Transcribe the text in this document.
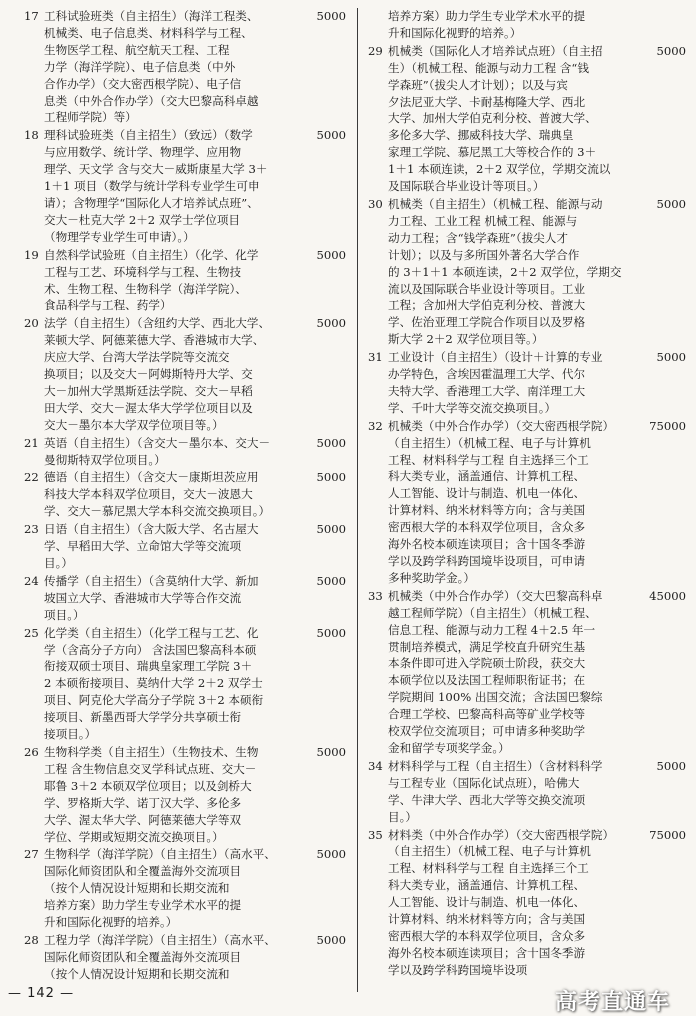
17 工科试验班类（自主招生）（海洋工程类、
机械类、电子信息类、材料科学与工程、
生物医学工程、航空航天工程、工程
力学（海洋学院）、电子信息类（中外
合作办学）（交大密西根学院）、电子信
息类（中外合作办学）（交大巴黎高科卓越
工程师学院）等）
5000
18 理科试验班类（自主招生）（致远）（数学
与应用数学、统计学、物理学、应用物
理学、天文学 含与交大－威斯康星大学 3＋
1＋1 项目（数学与统计学科专业学生可申
请）；含物理学“国际化人才培养试点班”、
交大－杜克大学 2＋2 双学士学位项目
（物理学专业学生可申请）。）
5000
19 自然科学试验班（自主招生）（化学、化学
工程与工艺、环境科学与工程、生物技
术、生物工程、生物科学（海洋学院）、
食品科学与工程、药学）
5000
20 法学（自主招生）（含纽约大学、西北大学、
莱顿大学、阿德莱德大学、香港城市大学、
庆应大学、台湾大学法学院等交流交
换项目；以及交大－阿姆斯特丹大学、交
大－加州大学黑斯廷法学院、交大－早稻
田大学、交大－渥太华大学学位项目以及
交大－墨尔本大学双学位项目等。）
5000
21 英语（自主招生）（含交大－墨尔本、交大－
曼彻斯特双学位项目。）
5000
22 德语（自主招生）（含交大－康斯坦茨应用
科技大学本科双学位项目，交大－波恩大
学、交大－慕尼黑大学本科交流交换项目。）
5000
23 日语（自主招生）（含大阪大学、名古屋大
学、早稻田大学、立命馆大学等交流项
目。）
5000
24 传播学（自主招生）（含莫纳什大学、新加
坡国立大学、香港城市大学等合作交流
项目。）
5000
25 化学类（自主招生）（化学工程与工艺、化
学（含高分子方向） 含法国巴黎高科本硕
衔接双硕士项目、瑞典皇家理工学院 3＋
2 本硕衔接项目、莫纳什大学 2＋2 双学士
项目、阿克伦大学高分子学院 3＋2 本硕衔
接项目、新墨西哥大学学分共享硕士衔
接项目。）
5000
26 生物科学类（自主招生）（生物技术、生物
工程 含生物信息交叉学科试点班、交大－
耶鲁 3＋2 本硕双学位项目；以及剑桥大
学、罗格斯大学、诺丁汉大学、多伦多
大学、渥太华大学、阿德莱德大学等双
学位、学期或短期交流交换项目。）
5000
27 生物科学（海洋学院）（自主招生）（高水平、
国际化师资团队和全覆盖海外交流项目
（按个人情况设计短期和长期交流和
培养方案）助力学生专业学术水平的提
升和国际化视野的培养。）
5000
28 工程力学（海洋学院）（自主招生）（高水平、
国际化师资团队和全覆盖海外交流项目
（按个人情况设计短期和长期交流和
5000
培养方案）助力学生专业学术水平的提
升和国际化视野的培养。）
29 机械类（国际化人才培养试点班）（自主招
生）（机械工程、能源与动力工程 含“钱
学森班”（拔尖人才计划）；以及与宾
夕法尼亚大学、卡耐基梅隆大学、西北
大学、加州大学伯克利分校、普渡大学、
多伦多大学、挪威科技大学、瑞典皇
家理工学院、慕尼黑工大等校合作的 3＋
1＋1 本硕连读，2＋2 双学位，学期交流以
及国际联合毕业设计等项目。）
5000
30 机械类（自主招生）（机械工程、能源与动
力工程、工业工程 机械工程、能源与
动力工程；含“钱学森班”（拔尖人才
计划）；以及与多所国外著名大学合作
的 3＋1＋1 本硕连读，2＋2 双学位，学期交
流以及国际联合毕业设计等项目。工业
工程；含加州大学伯克利分校、普渡大
学、佐治亚理工学院合作项目以及罗格
斯大学 2＋2 双学位项目等。）
5000
31 工业设计（自主招生）（设计＋计算的专业
办学特色，含埃因霍温理工大学、代尔
夫特大学、香港理工大学、南洋理工大
学、千叶大学等交流交换项目。）
5000
32 机械类（中外合作办学）（交大密西根学院）
（自主招生）（机械工程、电子与计算机
工程、材料科学与工程 自主选择三个工
科大类专业，涵盖通信、计算机工程、
人工智能、设计与制造、机电一体化、
计算材料、纳米材料等方向；含与美国
密西根大学的本科双学位项目，含众多
海外名校本硕连读项目；含十国冬季游
学以及跨学科跨国境毕设项目，可申请
多种奖助学金。）
75000
33 机械类（中外合作办学）（交大巴黎高科卓
越工程师学院）（自主招生）（机械工程、
信息工程、能源与动力工程 4＋2.5 年一
贯制培养模式，满足学校直升研究生基
本条件即可进入学院硕士阶段，获交大
本硕学位以及法国工程师职衔证书；在
学院期间 100% 出国交流；含法国巴黎综
合理工学校、巴黎高科高等矿业学校等
校双学位交流项目；可申请多种奖助学
金和留学专项奖学金。）
45000
34 材料科学与工程（自主招生）（含材料科学
与工程专业（国际化试点班），哈佛大
学、牛津大学、西北大学等交换交流项
目。）
5000
35 材料类（中外合作办学）（交大密西根学院）
（自主招生）（机械工程、电子与计算机
工程、材料科学与工程 自主选择三个工
科大类专业，涵盖通信、计算机工程、
人工智能、设计与制造、机电一体化、
计算材料、纳米材料等方向；含与美国
密西根大学的本科双学位项目，含众多
海外名校本硕连读项目；含十国冬季游
学以及跨学科跨国境毕设项
75000
— 142 —	高考直通车
